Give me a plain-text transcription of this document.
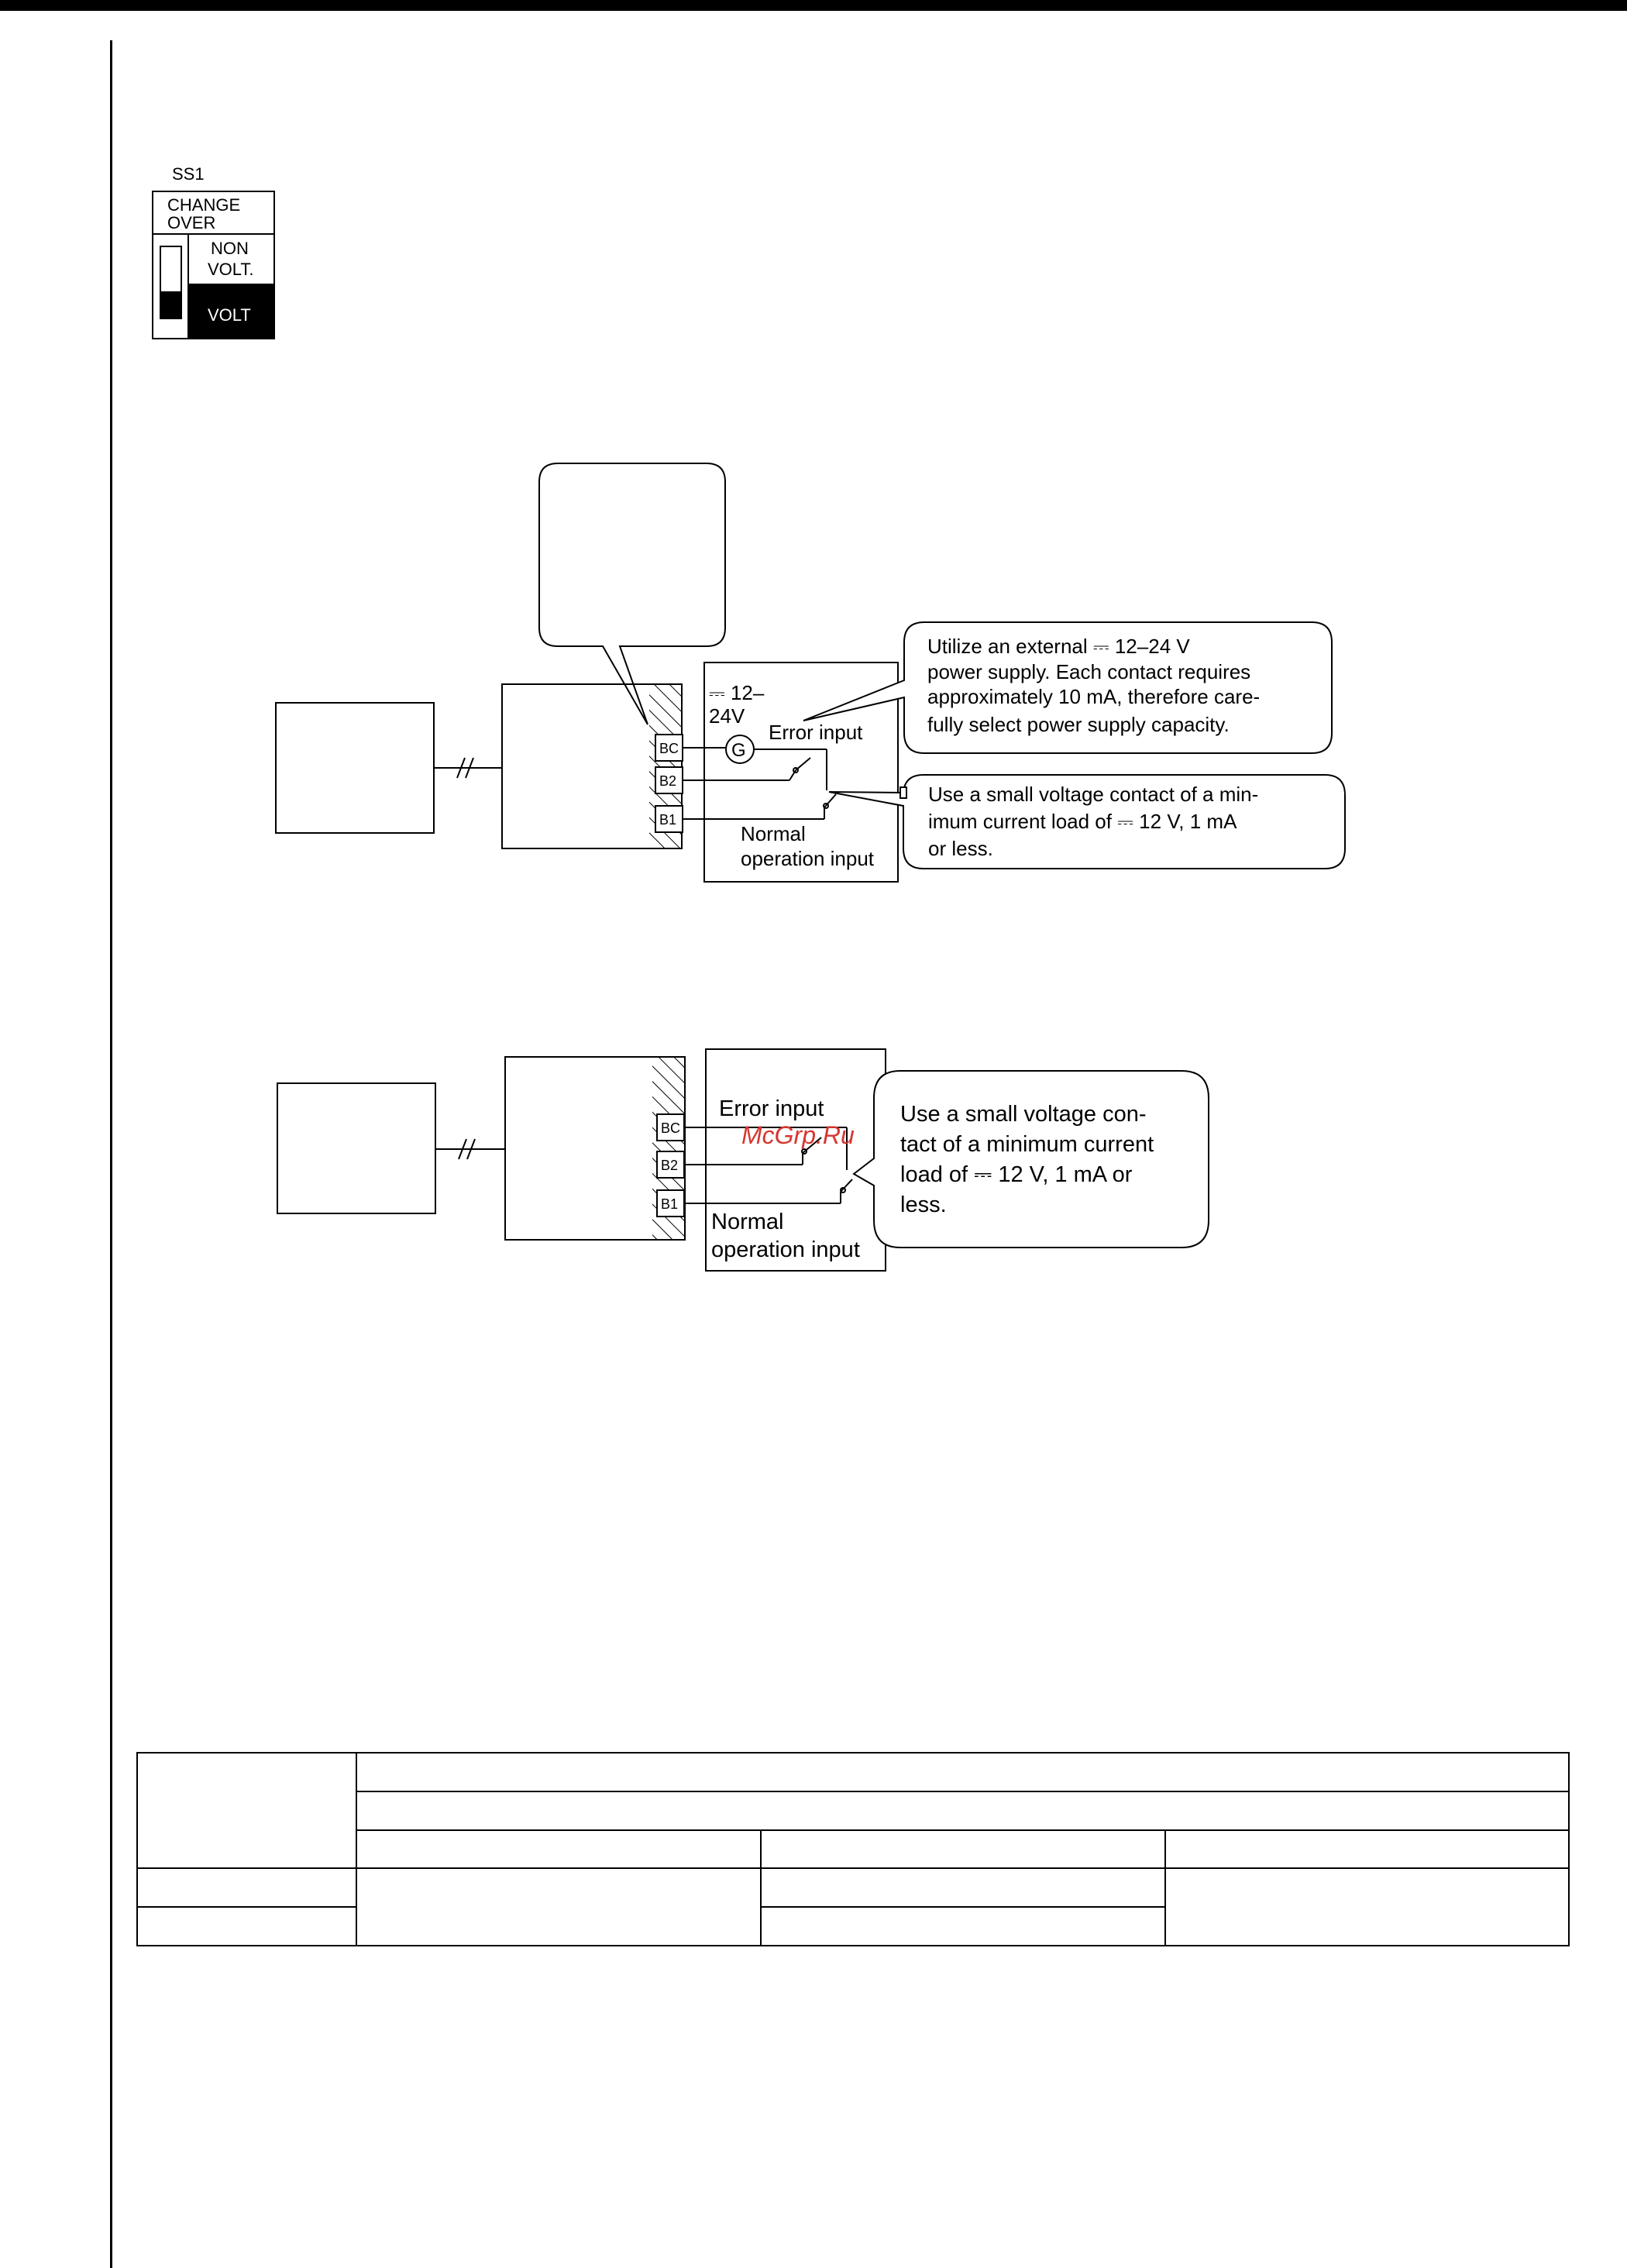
SS1
CHANGE
OVER
NON
VOLT.
VOLT
BC
B2
B1
⎓ 12–
24V
Error input
Normal
operation input
G
Utilize an external ⎓ 12–24 V
power supply. Each contact requires
approximately 10 mA, therefore care-
fully select power supply capacity.
Use a small voltage contact of a min-
imum current load of ⎓ 12 V, 1 mA
or less.
BC
B2
B1
Error input
Normal
operation input
Use a small voltage con-
tact of a minimum current
load of ⎓ 12 V, 1 mA or
less.
McGrp.Ru
